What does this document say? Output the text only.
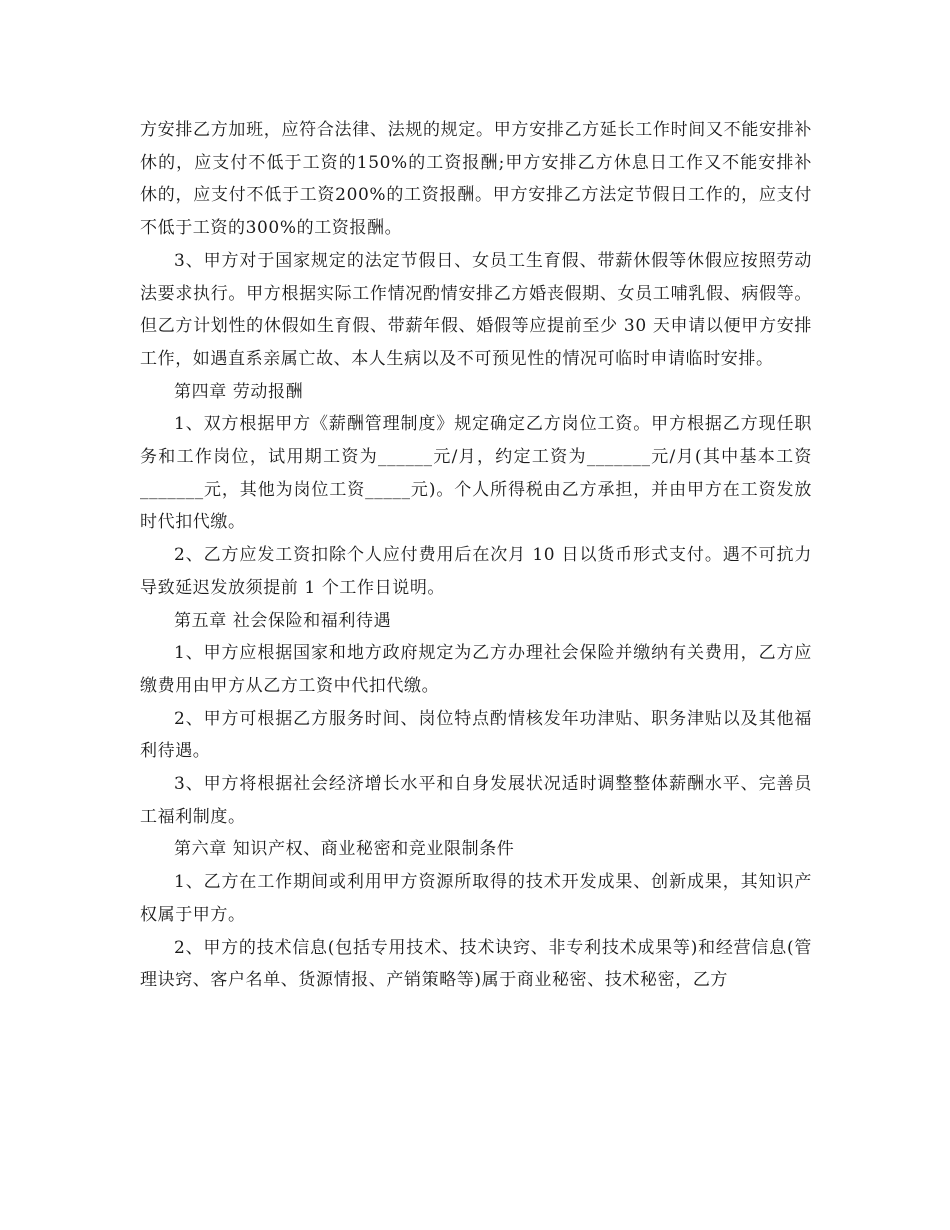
方安排乙方加班，应符合法律、法规的规定。甲方安排乙方延长工作时间又不能安排补休的，应支付不低于工资的150%的工资报酬;甲方安排乙方休息日工作又不能安排补休的，应支付不低于工资200%的工资报酬。甲方安排乙方法定节假日工作的，应支付不低于工资的300%的工资报酬。

3、甲方对于国家规定的法定节假日、女员工生育假、带薪休假等休假应按照劳动法要求执行。甲方根据实际工作情况酌情安排乙方婚丧假期、女员工哺乳假、病假等。但乙方计划性的休假如生育假、带薪年假、婚假等应提前至少 30 天申请以便甲方安排工作，如遇直系亲属亡故、本人生病以及不可预见性的情况可临时申请临时安排。

第四章 劳动报酬

1、双方根据甲方《薪酬管理制度》规定确定乙方岗位工资。甲方根据乙方现任职务和工作岗位，试用期工资为______元/月，约定工资为_______元/月(其中基本工资_______元，其他为岗位工资_____元)。个人所得税由乙方承担，并由甲方在工资发放时代扣代缴。

2、乙方应发工资扣除个人应付费用后在次月 10 日以货币形式支付。遇不可抗力导致延迟发放须提前 1 个工作日说明。

第五章 社会保险和福利待遇

1、甲方应根据国家和地方政府规定为乙方办理社会保险并缴纳有关费用，乙方应缴费用由甲方从乙方工资中代扣代缴。

2、甲方可根据乙方服务时间、岗位特点酌情核发年功津贴、职务津贴以及其他福利待遇。

3、甲方将根据社会经济增长水平和自身发展状况适时调整整体薪酬水平、完善员工福利制度。

第六章 知识产权、商业秘密和竞业限制条件

1、乙方在工作期间或利用甲方资源所取得的技术开发成果、创新成果，其知识产权属于甲方。

2、甲方的技术信息(包括专用技术、技术诀窍、非专利技术成果等)和经营信息(管理诀窍、客户名单、货源情报、产销策略等)属于商业秘密、技术秘密，乙方
